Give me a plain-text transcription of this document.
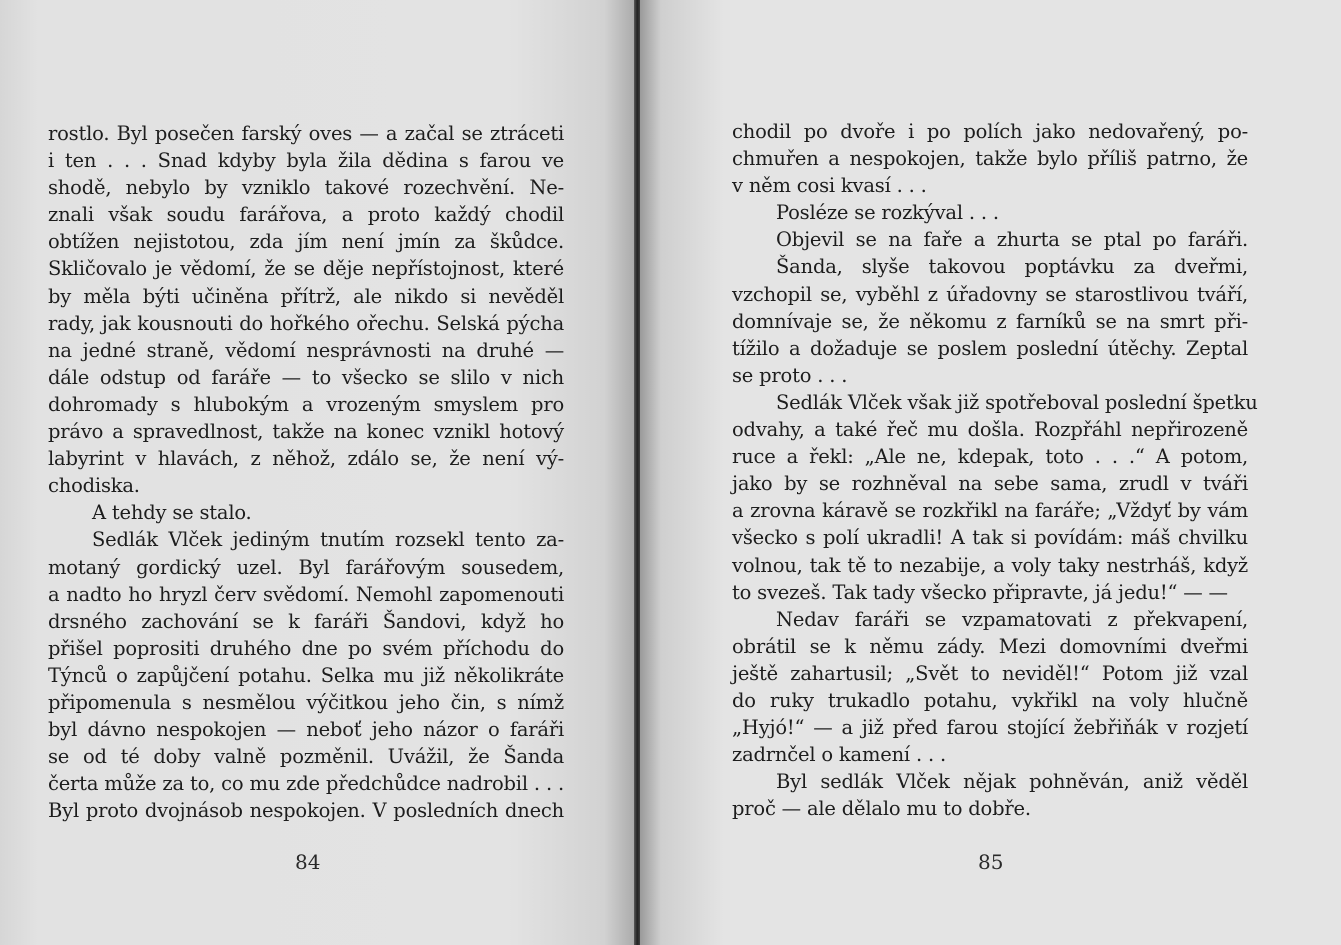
rostlo. Byl posečen farský oves — a začal se ztráceti
i ten . . . Snad kdyby byla žila dědina s farou ve
shodě, nebylo by vzniklo takové rozechvění. Ne-
znali však soudu farářova, a proto každý chodil
obtížen nejistotou, zda jím není jmín za škůdce.
Skličovalo je vědomí, že se děje nepřístojnost, které
by měla býti učiněna přítrž, ale nikdo si nevěděl
rady, jak kousnouti do hořkého ořechu. Selská pýcha
na jedné straně, vědomí nesprávnosti na druhé —
dále odstup od faráře — to všecko se slilo v nich
dohromady s hlubokým a vrozeným smyslem pro
právo a spravedlnost, takže na konec vznikl hotový
labyrint v hlavách, z něhož, zdálo se, že není vý-
chodiska.
A tehdy se stalo.
Sedlák Vlček jediným tnutím rozsekl tento za-
motaný gordický uzel. Byl farářovým sousedem,
a nadto ho hryzl červ svědomí. Nemohl zapomenouti
drsného zachování se k faráři Šandovi, když ho
přišel poprositi druhého dne po svém příchodu do
Týnců o zapůjčení potahu. Selka mu již několikráte
připomenula s nesmělou výčitkou jeho čin, s nímž
byl dávno nespokojen — neboť jeho názor o faráři
se od té doby valně pozměnil. Uvážil, že Šanda
čerta může za to, co mu zde předchůdce nadrobil . . .
Byl proto dvojnásob nespokojen. V posledních dnech
84
chodil po dvoře i po polích jako nedovařený, po-
chmuřen a nespokojen, takže bylo příliš patrno, že
v něm cosi kvasí . . .
Posléze se rozkýval . . .
Objevil se na faře a zhurta se ptal po faráři.
Šanda, slyše takovou poptávku za dveřmi,
vzchopil se, vyběhl z úřadovny se starostlivou tváří,
domnívaje se, že někomu z farníků se na smrt při-
tížilo a dožaduje se poslem poslední útěchy. Zeptal
se proto . . .
Sedlák Vlček však již spotřeboval poslední špetku
odvahy, a také řeč mu došla. Rozpřáhl nepřirozeně
ruce a řekl: „Ale ne, kdepak, toto . . .“ A potom,
jako by se rozhněval na sebe sama, zrudl v tváři
a zrovna káravě se rozkřikl na faráře; „Vždyť by vám
všecko s polí ukradli! A tak si povídám: máš chvilku
volnou, tak tě to nezabije, a voly taky nestrháš, když
to svezeš. Tak tady všecko připravte, já jedu!“ — —
Nedav faráři se vzpamatovati z překvapení,
obrátil se k němu zády. Mezi domovními dveřmi
ještě zahartusil; „Svět to neviděl!“ Potom již vzal
do ruky trukadlo potahu, vykřikl na voly hlučně
„Hyjó!“ — a již před farou stojící žebřiňák v rozjetí
zadrnčel o kamení . . .
Byl sedlák Vlček nějak pohněván, aniž věděl
proč — ale dělalo mu to dobře.
85
